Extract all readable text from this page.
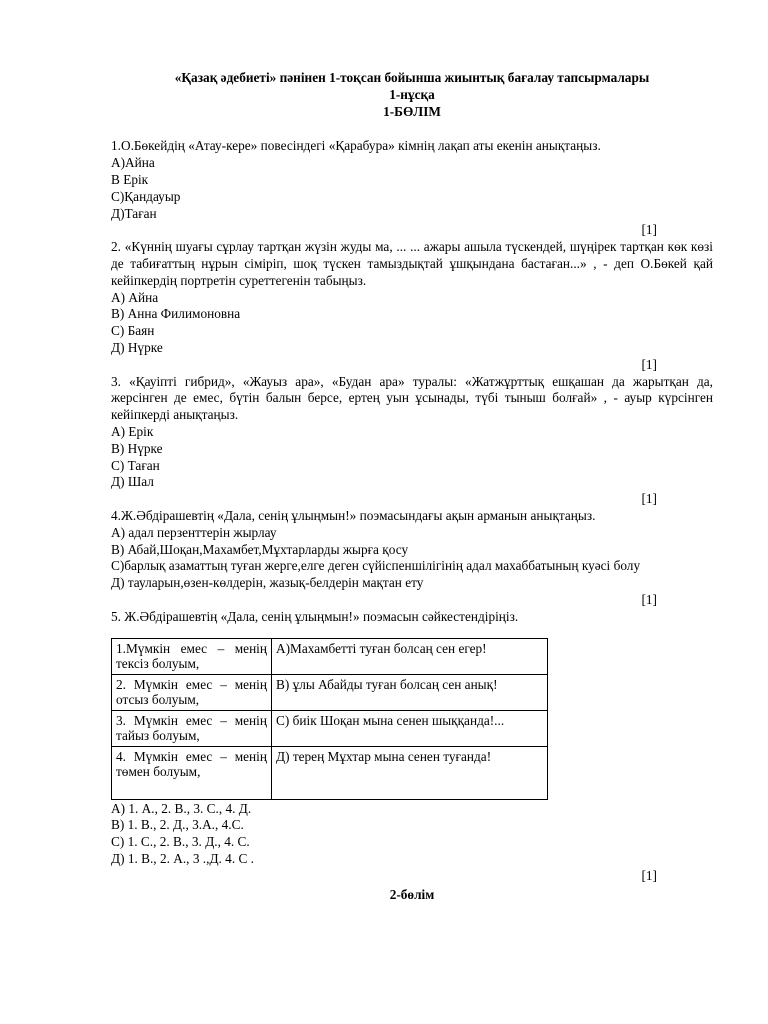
«Қазақ әдебиеті» пәнінен 1-тоқсан бойынша жиынтық бағалау тапсырмалары
1-нұсқа
1-БӨЛІМ
1.О.Бөкейдің «Атау-кере» повесіндегі «Қарабура» кімнің лақап аты екенін анықтаңыз.
А)Айна
В Ерік
С)Қандауыр
Д)Таған
[1]
2. «Күннің шуағы сұрлау тартқан жүзін жуды ма, ... ... ажары ашыла түскендей, шүңірек тартқан көк көзі де табиғаттың нұрын сіміріп, шоқ түскен тамыздықтай ұшқындана бастаған...» , - деп О.Бөкей қай кейіпкердің портретін суреттегенін табыңыз.
А) Айна
В) Анна Филимоновна
С) Баян
Д) Нүрке
[1]
3. «Қауіпті гибрид», «Жауыз ара», «Будан ара» туралы: «Жатжұрттық ешқашан да жарытқан да, жерсінген де емес, бүтін балын берсе, ертең уын ұсынады, түбі тыныш болғай» , - ауыр күрсінген кейіпкерді анықтаңыз.
А) Ерік
В) Нүрке
С) Таған
Д) Шал
[1]
4.Ж.Әбдірашевтің «Дала, сенің ұлыңмын!» поэмасындағы ақын арманын анықтаңыз.
А) адал перзенттерін жырлау
В) Абай,Шоқан,Махамбет,Мұхтарларды жырға қосу
С)барлық азаматтың туған жерге,елге деген сүйіспеншілігінің адал махаббатының куәсі болу
Д) тауларын,өзен-көлдерін, жазық-белдерін мақтан ету
[1]
5. Ж.Әбдірашевтің «Дала, сенің ұлыңмын!» поэмасын сәйкестендіріңіз.
1.Мүмкін емес – менің тексіз болуым,	А)Махамбетті туған болсаң сен егер!
2. Мүмкін емес – менің отсыз болуым,	В) ұлы Абайды туған болсаң сен анық!
3. Мүмкін емес – менің тайыз болуым,	С) биік Шоқан мына сенен шыққанда!...
4. Мүмкін емес – менің төмен болуым,	Д) терең Мұхтар мына сенен туғанда!
А) 1. А., 2. В., 3. С., 4. Д.
В) 1. В., 2. Д., 3.А., 4.С.
С) 1. С., 2. В., 3. Д., 4. С.
Д) 1. В., 2. А., 3 .,Д. 4. С .
[1]
2-бөлім
